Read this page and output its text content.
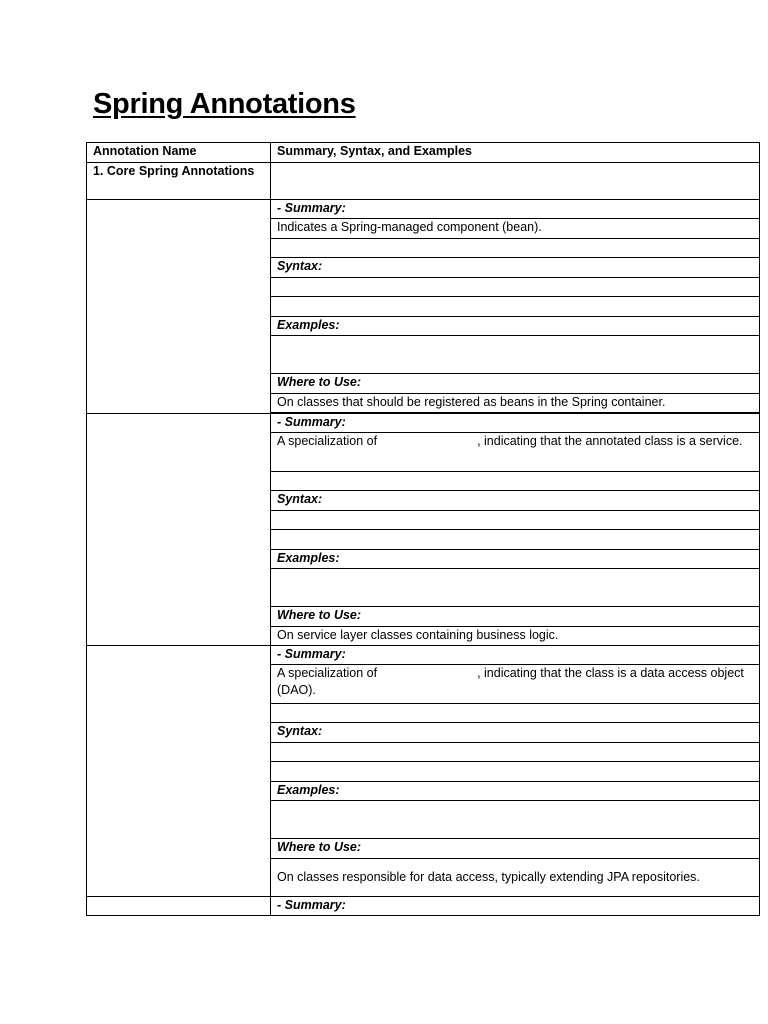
Spring Annotations
Annotation Name	Summary, Syntax, and Examples
1. Core Spring Annotations	
	- Summary:
	Indicates a Spring-managed component (bean).

	Syntax:

	Examples:

	Where to Use:
	On classes that should be registered as beans in the Spring container.

	- Summary:
	A specialization of , indicating that the annotated class is a service.

	Syntax:

	Examples:

	Where to Use:
	On service layer classes containing business logic.
	- Summary:
	A specialization of , indicating that the class is a data access object (DAO).

	Syntax:

	Examples:

	Where to Use:
	On classes responsible for data access, typically extending JPA repositories.
	- Summary:
